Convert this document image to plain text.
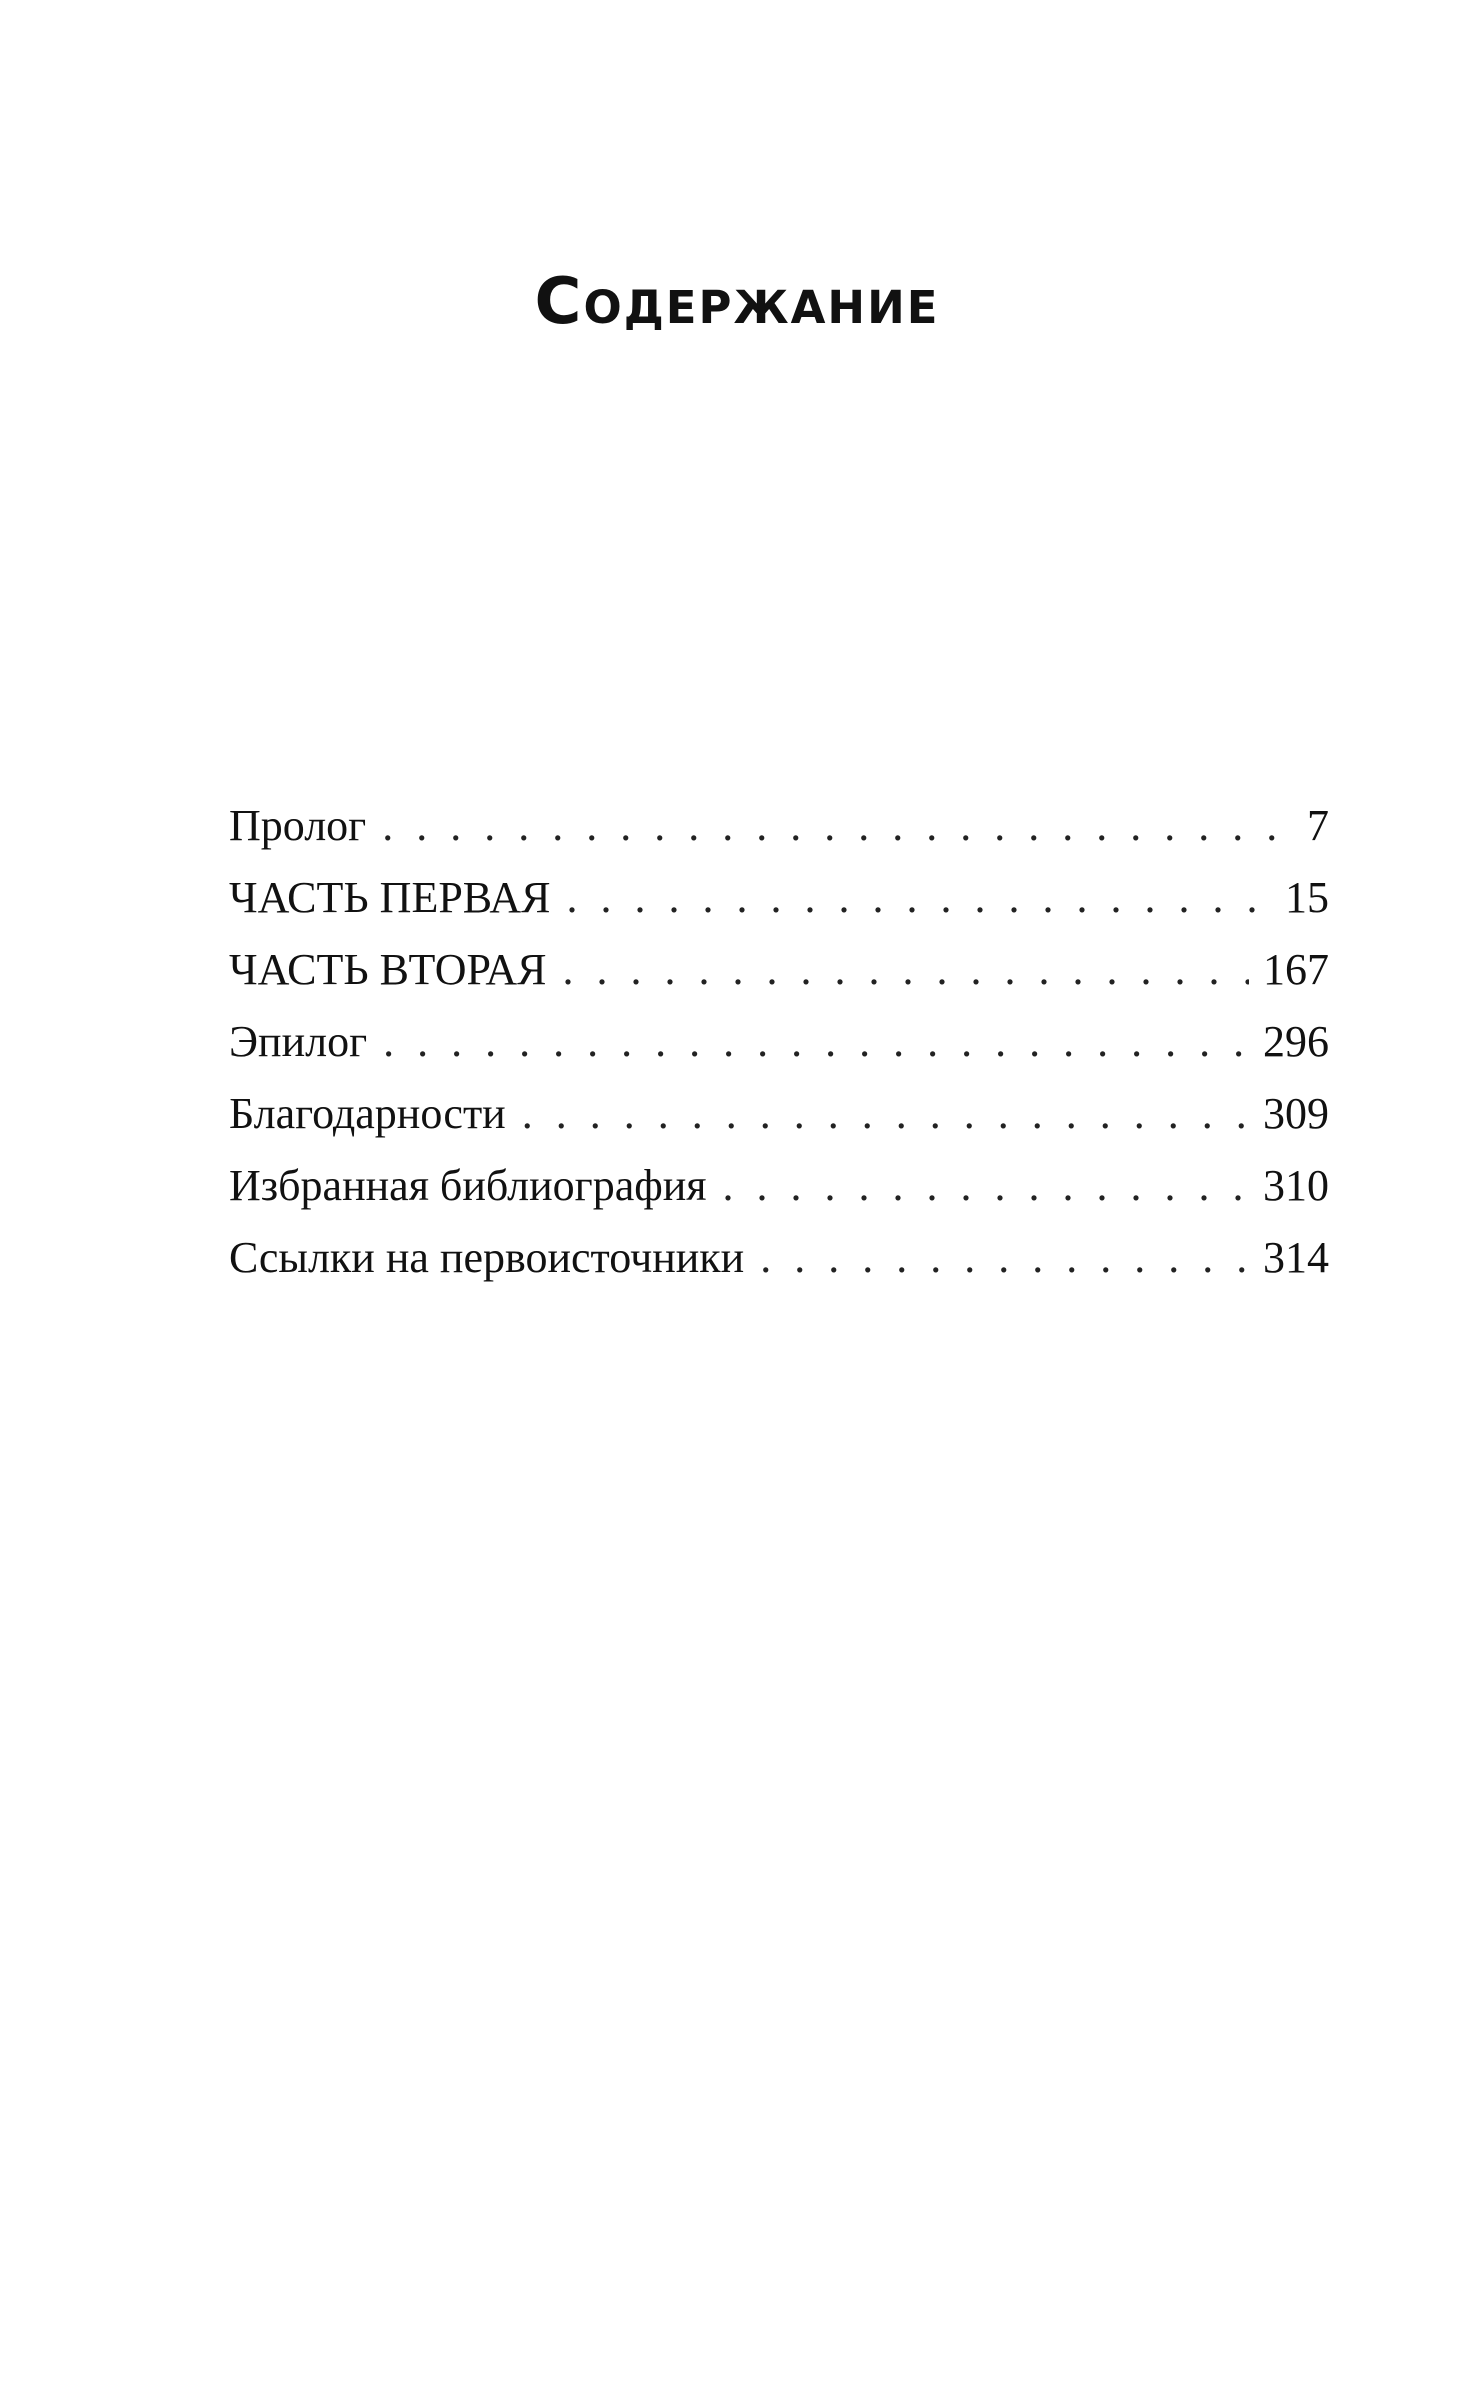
Содержание
Пролог . . .	7
ЧАСТЬ ПЕРВАЯ . . .	15
ЧАСТЬ ВТОРАЯ . . .	167
Эпилог . . .	296
Благодарности . . .	309
Избранная библиография . . .	310
Ссылки на первоисточники . . .	314
